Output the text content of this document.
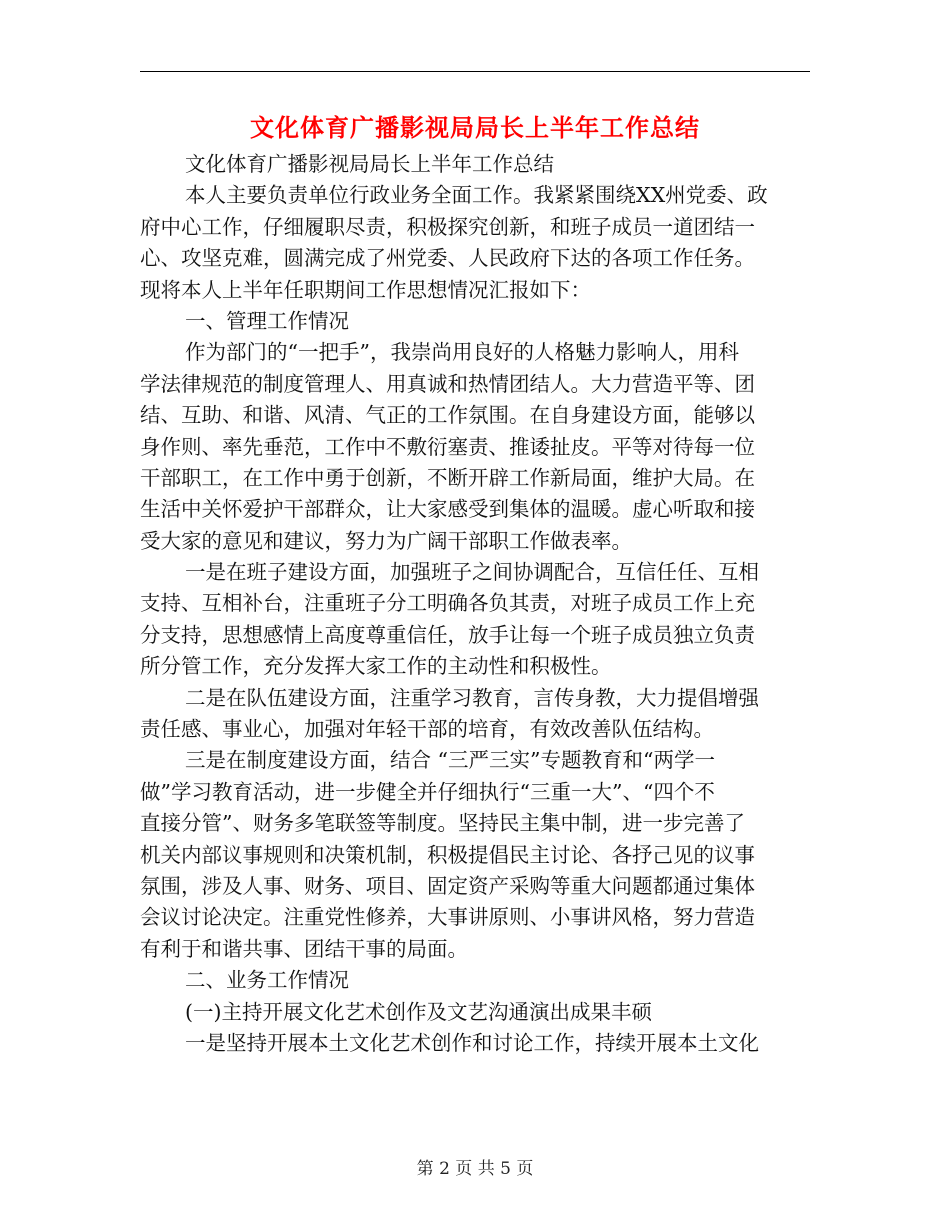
文化体育广播影视局局长上半年工作总结
文化体育广播影视局局长上半年工作总结
本人主要负责单位行政业务全面工作。我紧紧围绕XX州党委、政
府中心工作，仔细履职尽责，积极探究创新，和班子成员一道团结一
心、攻坚克难，圆满完成了州党委、人民政府下达的各项工作任务。
现将本人上半年任职期间工作思想情况汇报如下：
一、管理工作情况
作为部门的“一把手”，我崇尚用良好的人格魅力影响人，用科
学法律规范的制度管理人、用真诚和热情团结人。大力营造平等、团
结、互助、和谐、风清、气正的工作氛围。在自身建设方面，能够以
身作则、率先垂范，工作中不敷衍塞责、推诿扯皮。平等对待每一位
干部职工，在工作中勇于创新，不断开辟工作新局面，维护大局。在
生活中关怀爱护干部群众，让大家感受到集体的温暖。虚心听取和接
受大家的意见和建议，努力为广阔干部职工作做表率。
一是在班子建设方面，加强班子之间协调配合，互信任任、互相
支持、互相补台，注重班子分工明确各负其责，对班子成员工作上充
分支持，思想感情上高度尊重信任，放手让每一个班子成员独立负责
所分管工作，充分发挥大家工作的主动性和积极性。
二是在队伍建设方面，注重学习教育，言传身教，大力提倡增强
责任感、事业心，加强对年轻干部的培育，有效改善队伍结构。
三是在制度建设方面，结合 “三严三实”专题教育和“两学一
做”学习教育活动，进一步健全并仔细执行“三重一大”、“四个不
直接分管”、财务多笔联签等制度。坚持民主集中制，进一步完善了
机关内部议事规则和决策机制，积极提倡民主讨论、各抒己见的议事
氛围，涉及人事、财务、项目、固定资产采购等重大问题都通过集体
会议讨论决定。注重党性修养，大事讲原则、小事讲风格，努力营造
有利于和谐共事、团结干事的局面。
二、业务工作情况
(一)主持开展文化艺术创作及文艺沟通演出成果丰硕
一是坚持开展本土文化艺术创作和讨论工作，持续开展本土文化
第 2 页 共 5 页
